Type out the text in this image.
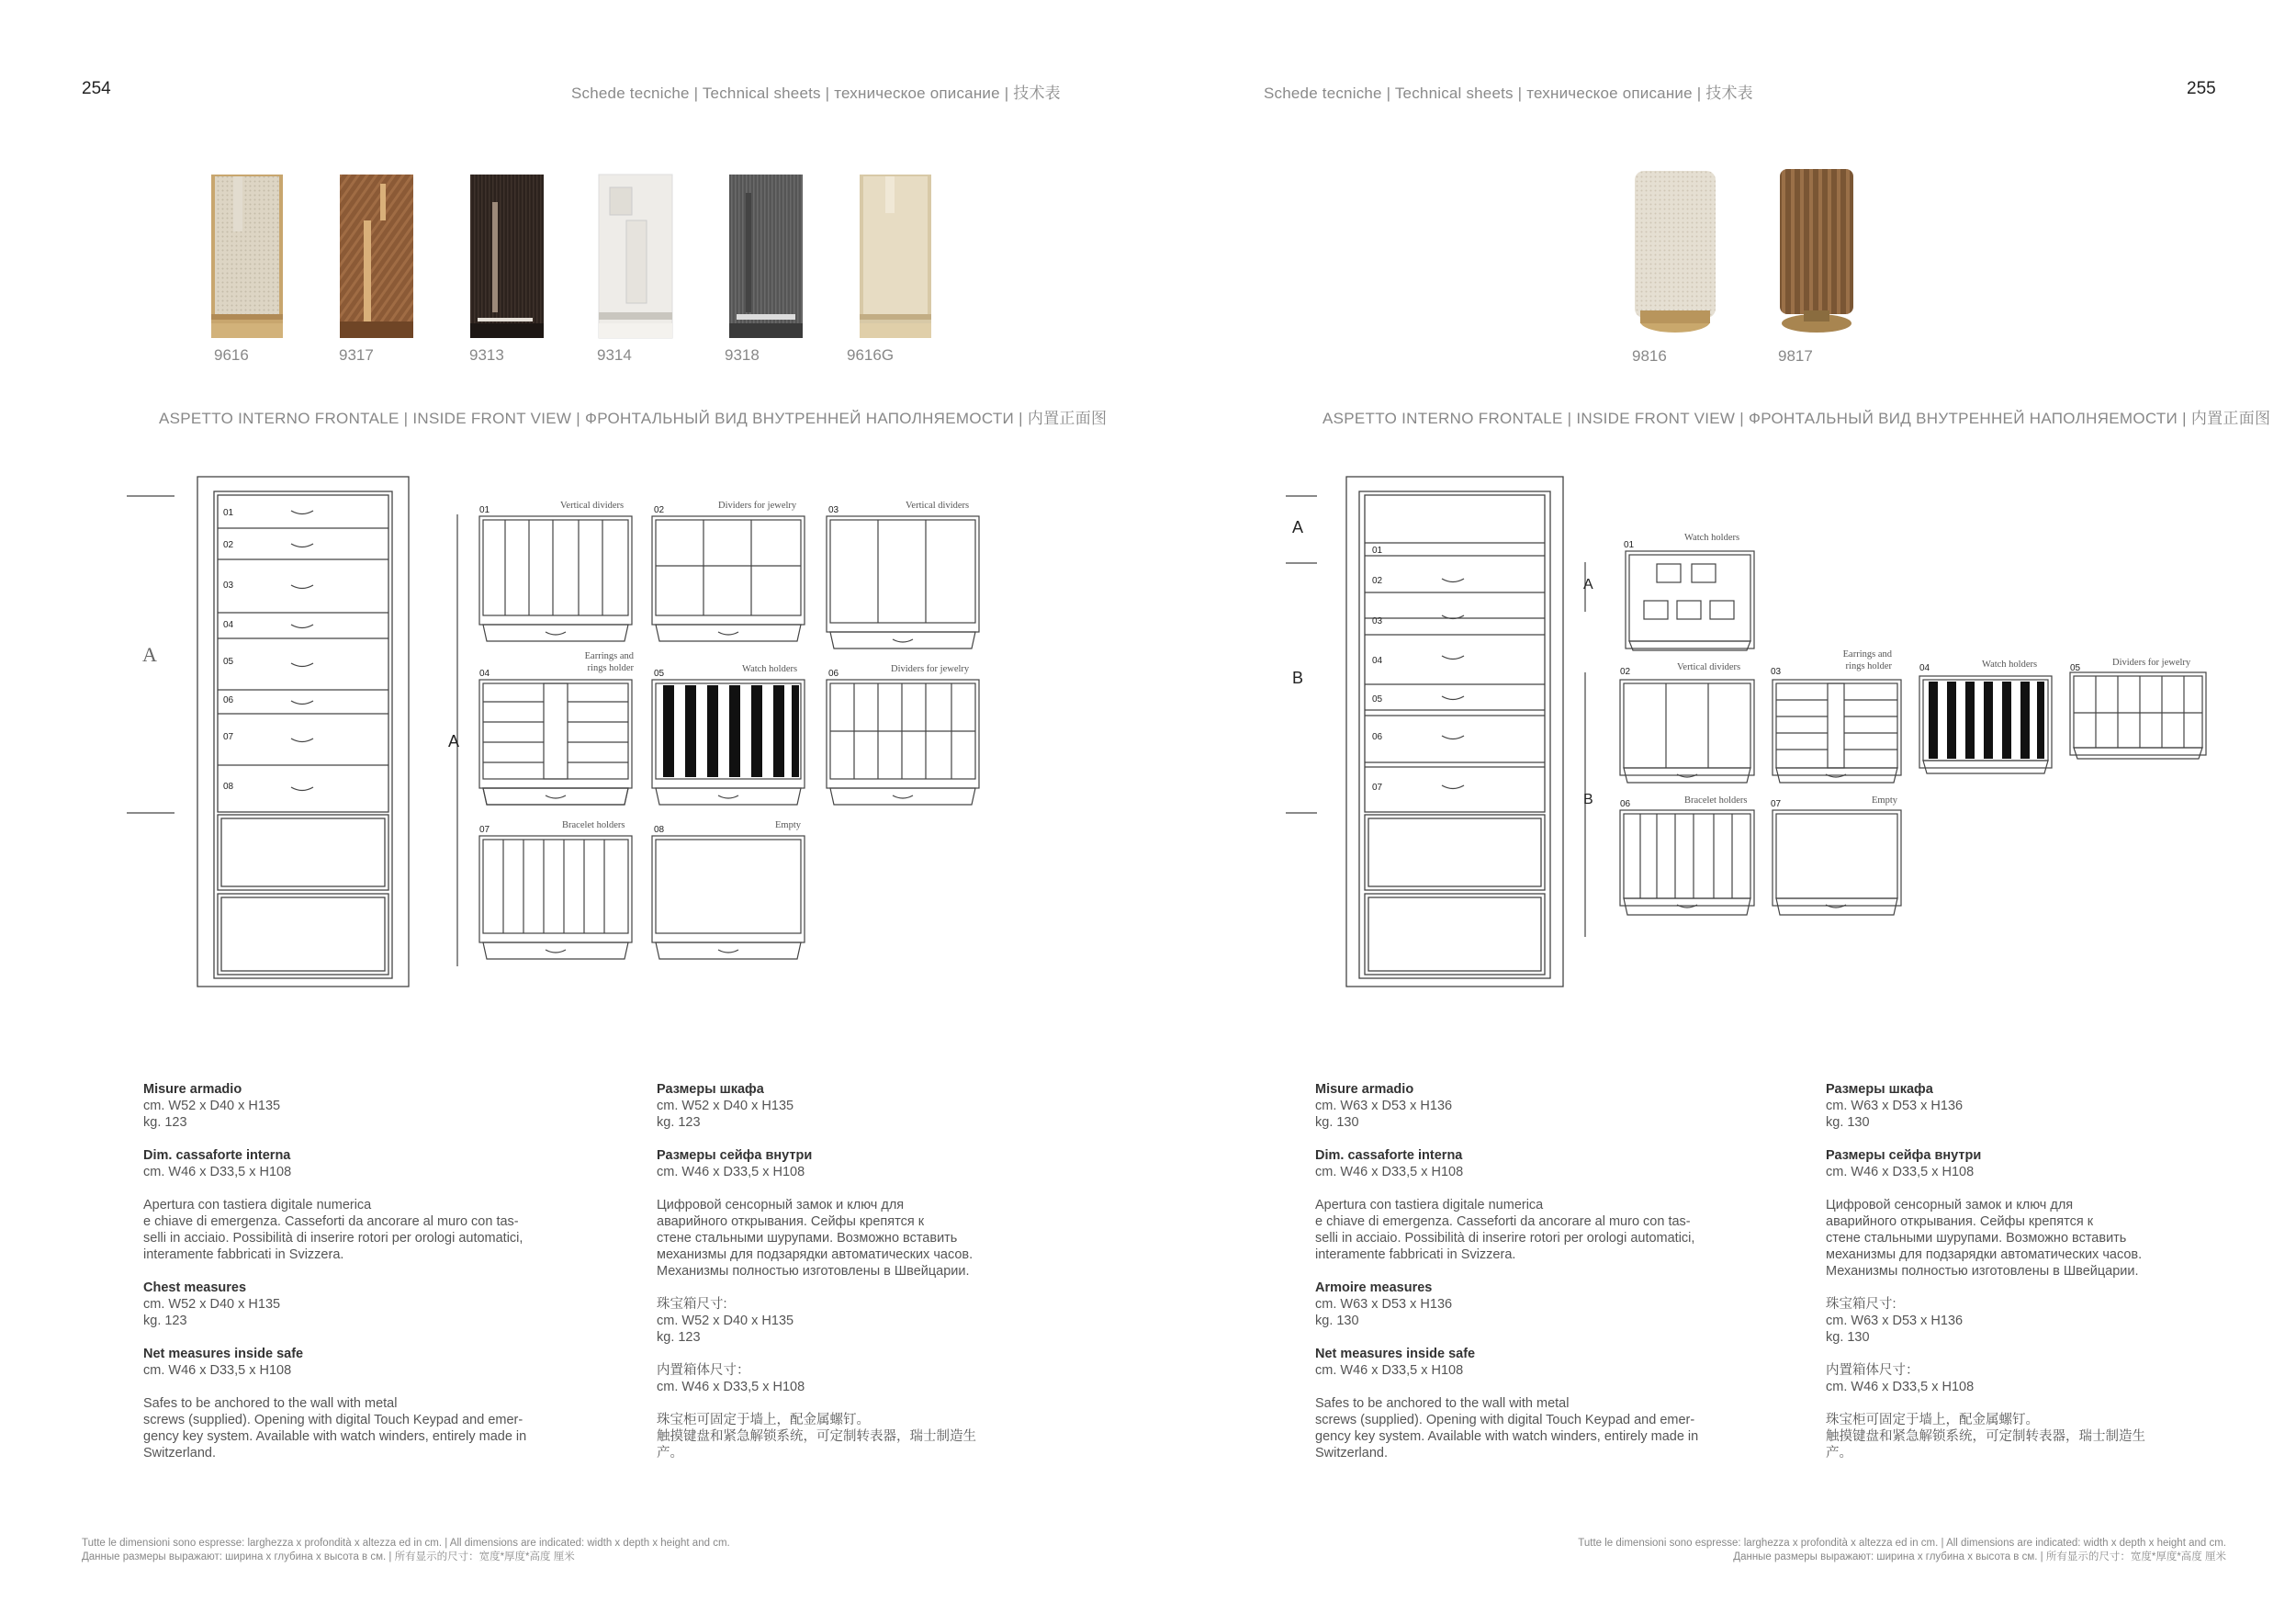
254	Schede tecniche | Technical sheets | техническое описание | 技术表
9616	9317	9313	9314	9318	9616G
ASPETTO INTERNO FRONTALE | INSIDE FRONT VIEW | ФРОНТАЛЬНЫЙ ВИД ВНУТРЕННЕЙ НАПОЛНЯЕМОСТИ | 内置正面图
A
01
02
03
04
05
06
07
08
A
01	Vertical dividers	02	Dividers for jewelry	03	Vertical dividers
04
Earrings and
rings holder
05	Watch holders	06	Dividers for jewelry
07	Bracelet holders	08	Empty
Misure armadio
cm. W52 x D40 x H135
kg. 123
Dim. cassaforte interna
cm. W46 x D33,5 x H108
Apertura con tastiera digitale numerica
e chiave di emergenza. Casseforti da ancorare al muro con tas-
selli in acciaio. Possibilità di inserire rotori per orologi automatici,
interamente fabbricati in Svizzera.
Chest measures
cm. W52 x D40 x H135
kg. 123
Net measures inside safe
cm. W46 x D33,5 x H108
Safes to be anchored to the wall with metal
screws (supplied). Opening with digital Touch Keypad and emer-
gency key system. Available with watch winders, entirely made in
Switzerland.
Размеры шкафа
cm. W52 x D40 x H135
kg. 123
Размеры сейфа внутри
cm. W46 x D33,5 x H108
Цифровой сенсорный замок и ключ для
аварийного открывания. Сейфы крепятся к
стене стальными шурупами. Возможно вставить
механизмы для подзарядки автоматических часов.
Механизмы полностью изготовлены в Швейцарии.
珠宝箱尺寸:
cm. W52 x D40 x H135
kg. 123
内置箱体尺寸：
cm. W46 x D33,5 x H108
珠宝柜可固定于墙上，配金属螺钉。
触摸键盘和紧急解锁系统，可定制转表器，瑞士制造生
产。
Tutte le dimensioni sono espresse: larghezza x profondità x altezza ed in cm. | All dimensions are indicated: width x depth x height and cm.
Данные размеры выражают: ширина x глубина x высота в см. | 所有显示的尺寸：宽度*厚度*高度 厘米
255
Schede tecniche | Technical sheets | техническое описание | 技术表
9816	9817
ASPETTO INTERNO FRONTALE | INSIDE FRONT VIEW | ФРОНТАЛЬНЫЙ ВИД ВНУТРЕННЕЙ НАПОЛНЯЕМОСТИ | 内置正面图
A
B
01
02
03
04
05
06
07
A
B
01
Watch holders
02	Vertical dividers	03
Earrings and
rings holder	04	Watch holders	05
Dividers for jewelry
06	Bracelet holders	07	Empty
Misure armadio
cm. W63 x D53 x H136
kg. 130
Dim. cassaforte interna
cm. W46 x D33,5 x H108
Apertura con tastiera digitale numerica
e chiave di emergenza. Casseforti da ancorare al muro con tas-
selli in acciaio. Possibilità di inserire rotori per orologi automatici,
interamente fabbricati in Svizzera.
Armoire measures
cm. W63 x D53 x H136
kg. 130
Net measures inside safe
cm. W46 x D33,5 x H108
Safes to be anchored to the wall with metal
screws (supplied). Opening with digital Touch Keypad and emer-
gency key system. Available with watch winders, entirely made in
Switzerland.
Размеры шкафа
cm. W63 x D53 x H136
kg. 130
Размеры сейфа внутри
cm. W46 x D33,5 x H108
Цифровой сенсорный замок и ключ для
аварийного открывания. Сейфы крепятся к
стене стальными шурупами. Возможно вставить
механизмы для подзарядки автоматических часов.
Механизмы полностью изготовлены в Швейцарии.
珠宝箱尺寸:
cm. W63 x D53 x H136
kg. 130
内置箱体尺寸：
cm. W46 x D33,5 x H108
珠宝柜可固定于墙上，配金属螺钉。
触摸键盘和紧急解锁系统，可定制转表器，瑞士制造生
产。
Tutte le dimensioni sono espresse: larghezza x profondità x altezza ed in cm. | All dimensions are indicated: width x depth x height and cm.
Данные размеры выражают: ширина x глубина x высота в см. | 所有显示的尺寸：宽度*厚度*高度 厘米
